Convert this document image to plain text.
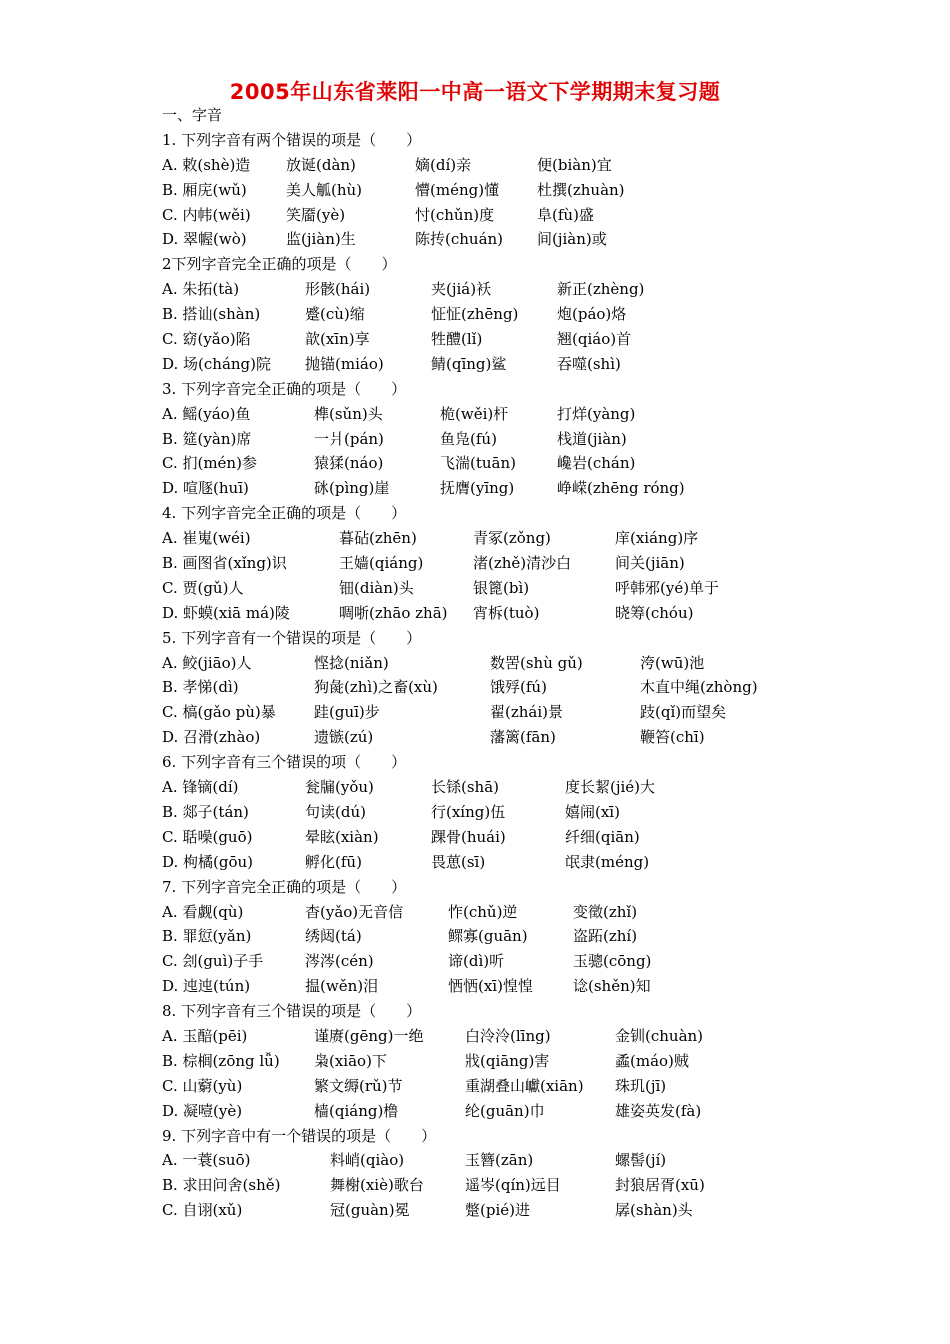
2005年山东省莱阳一中高一语文下学期期末复习题
一、字音
1. 下列字音有两个错误的项是（　　）
A. 敕(shè)造 放诞(dàn)	嫡(dí)亲	便(biàn)宜
B. 厢庑(wǔ)	美人觚(hù)	懵(méng)懂	杜撰(zhuàn)
C. 内帏(wěi) 笑靥(yè)	忖(chǔn)度	阜(fù)盛
D. 翠幄(wò)	监(jiàn)生	陈抟(chuán) 间(jiàn)或
2下列字音完全正确的项是（　　）
A. 朱拓(tà)	形骸(hái)	夹(jiá)袄	新正(zhèng)
B. 搭讪(shàn)	蹙(cù)缩	怔怔(zhēng)	炮(páo)烙
C. 窈(yǎo)陷	歆(xīn)享	牲醴(lǐ)	翘(qiáo)首
D. 场(cháng)院 抛锚(miáo)	鲭(qīng)鲨	吞噬(shì)
3. 下列字音完全正确的项是（　　）
A. 鳐(yáo)鱼	榫(sǔn)头	桅(wěi)杆	打烊(yàng)
B. 筵(yàn)席	一爿(pán)	鱼凫(fú)	栈道(jiàn)
C. 扪(mén)参	猿猱(náo)	飞湍(tuān)	巉岩(chán)
D. 喧豗(huī)	砯(pìng)崖	抚膺(yīng)	峥嵘(zhēng róng)
4. 下列字音完全正确的项是（　　）
A. 崔嵬(wéi)	暮砧(zhēn)	青冢(zǒng)	庠(xiáng)序
B. 画图省(xǐng)识	王嫱(qiáng)	渚(zhě)清沙白	间关(jiān)
C. 贾(gǔ)人	钿(diàn)头	银篦(bì)	呼韩邪(yé)单于
D. 虾蟆(xiā má)陵	啁哳(zhāo zhā) 宵柝(tuò)	晓筹(chóu)
5. 下列字音有一个错误的项是（　　）
A. 鲛(jiāo)人	悭捻(niǎn)	数罟(shù gǔ)	洿(wū)池
B. 孝悌(dì)	狗彘(zhì)之畜(xù)	饿殍(fú)	木直中绳(zhòng)
C. 槁(gǎo pù)暴	跬(guī)步	翟(zhái)景	跂(qǐ)而望矣
D. 召滑(zhào)	遗镞(zú)	藩篱(fān)	鞭笞(chī)
6. 下列字音有三个错误的项（　　）
A. 锋镝(dí)	瓮牖(yǒu)	长铩(shā)	度长絜(jié)大
B. 郯子(tán)	句读(dú)	行(xíng)伍	嬉闹(xī)
C. 聒噪(guō)	晕眩(xiàn)	踝骨(huái)	纤细(qiān)
D. 枸橘(gōu)	孵化(fū)	畏葸(sī)	氓隶(méng)
7. 下列字音完全正确的项是（　　）
A. 看觑(qù)	杳(yǎo)无音信	怍(chǔ)逆	变徵(zhǐ)
B. 罪愆(yǎn)	绣闼(tá)	鳏寡(guān)	盗跖(zhí)
C. 刽(guì)子手	涔涔(cén)	谛(dì)听	玉骢(cōng)
D. 迍迍(tún)	揾(wěn)泪	恓恓(xī)惶惶	谂(shěn)知
8. 下列字音有三个错误的项是（　　）
A. 玉醅(pēi)	谨赓(gēng)一绝	白泠泠(līng)	金钏(chuàn)
B. 棕榈(zōng lǚ) 枭(xiāo)下	戕(qiāng)害	蟊(máo)贼
C. 山藭(yù)	繁文缛(rǔ)节	重湖叠山巘(xiān) 珠玑(jī)
D. 凝噎(yè)	樯(qiáng)橹	纶(guān)巾	雄姿英发(fà)
9. 下列字音中有一个错误的项是（　　）
A. 一蓑(suō)	料峭(qiào)	玉簪(zān)	螺髻(jí)
B. 求田问舍(shě)	舞榭(xiè)歌台	遥岑(qín)远目	封狼居胥(xū)
C. 自诩(xǔ)	冠(guàn)冕	蹩(pié)进	孱(shàn)头
